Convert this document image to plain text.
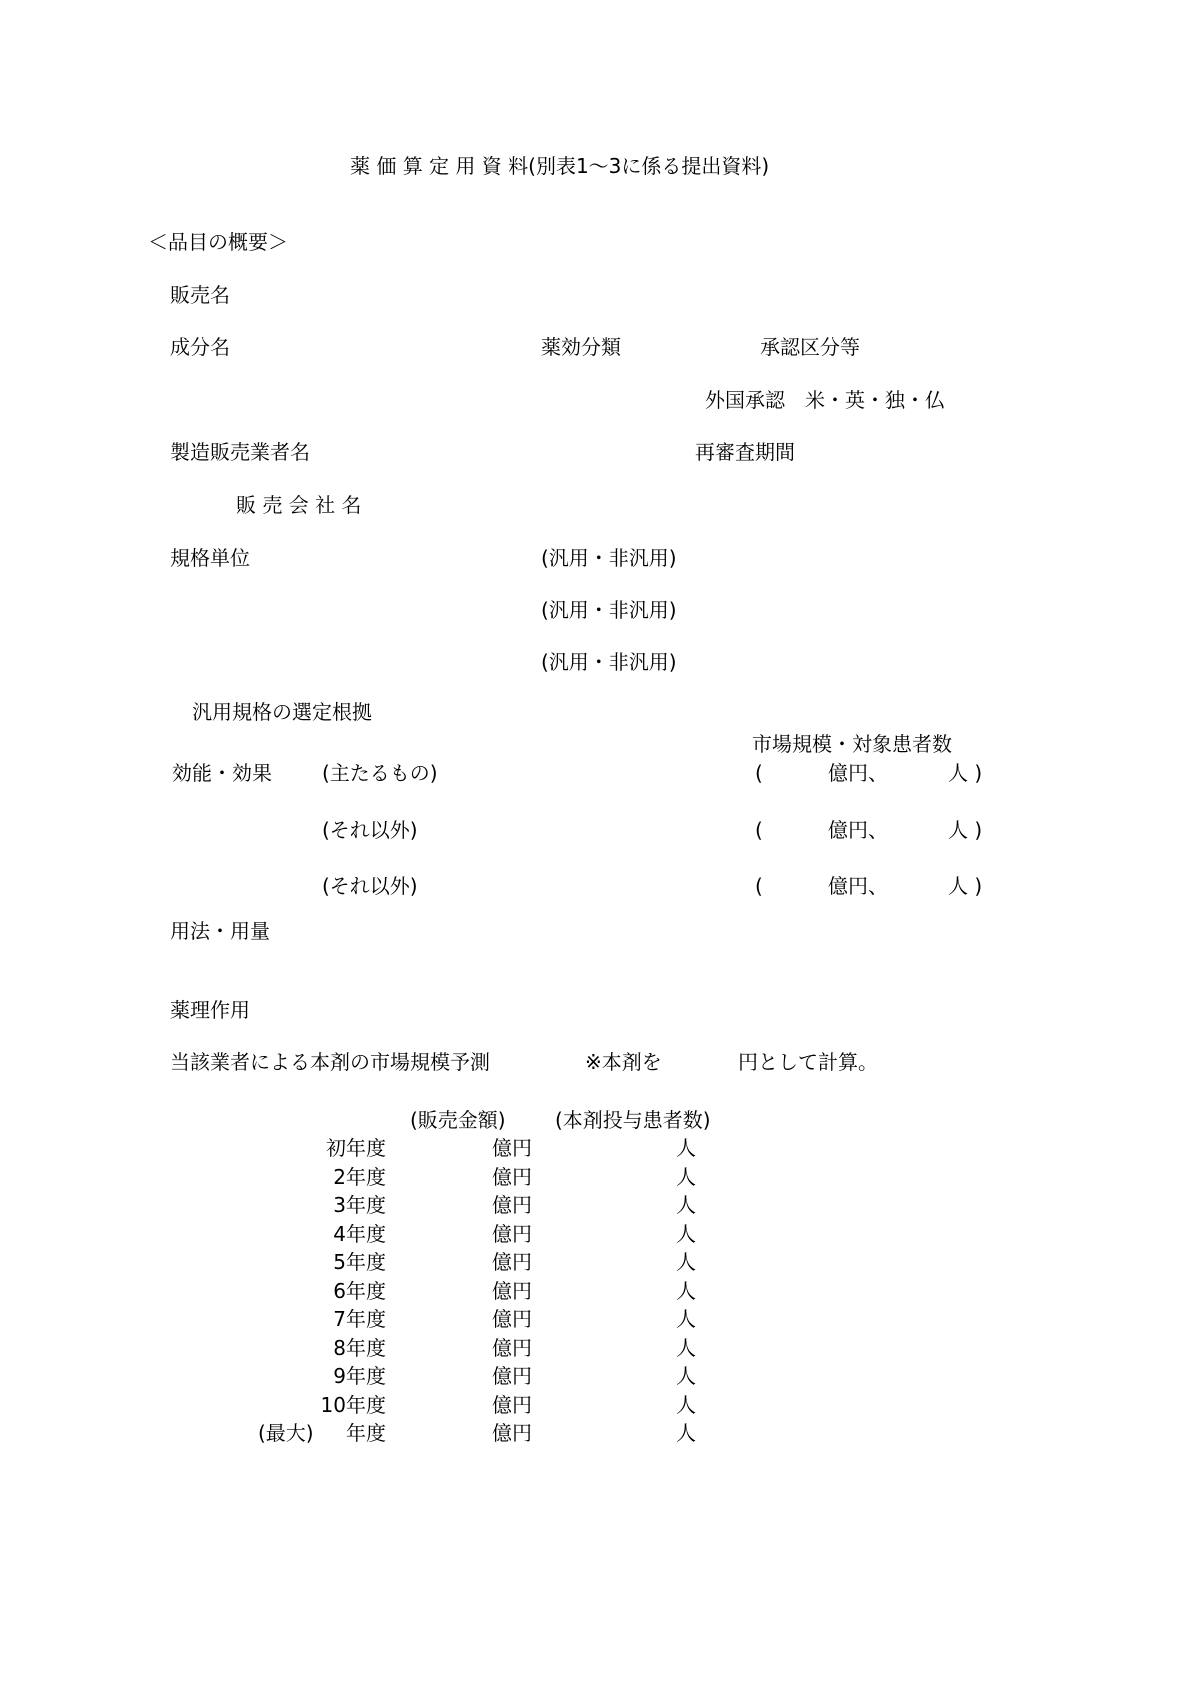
薬 価 算 定 用 資 料(別表1～3に係る提出資料)
＜品目の概要＞
販売名
成分名	薬効分類	承認区分等
外国承認　米・英・独・仏
製造販売業者名	再審査期間
販 売 会 社 名
規格単位	(汎用・非汎用)
(汎用・非汎用)
(汎用・非汎用)
汎用規格の選定根拠
市場規模・対象患者数
効能・効果	(主たるもの)	(	億円、	人 )
(それ以外)	(	億円、	人 )
(それ以外)	(	億円、	人 )
用法・用量
薬理作用
当該業者による本剤の市場規模予測	※本剤を	円として計算。
(販売金額) (本剤投与患者数)
初年度	億円	人
2年度	億円	人
3年度	億円	人
4年度	億円	人
5年度	億円	人
6年度	億円	人
7年度	億円	人
8年度	億円	人
9年度	億円	人
10年度	億円	人
(最大)	年度	億円	人
